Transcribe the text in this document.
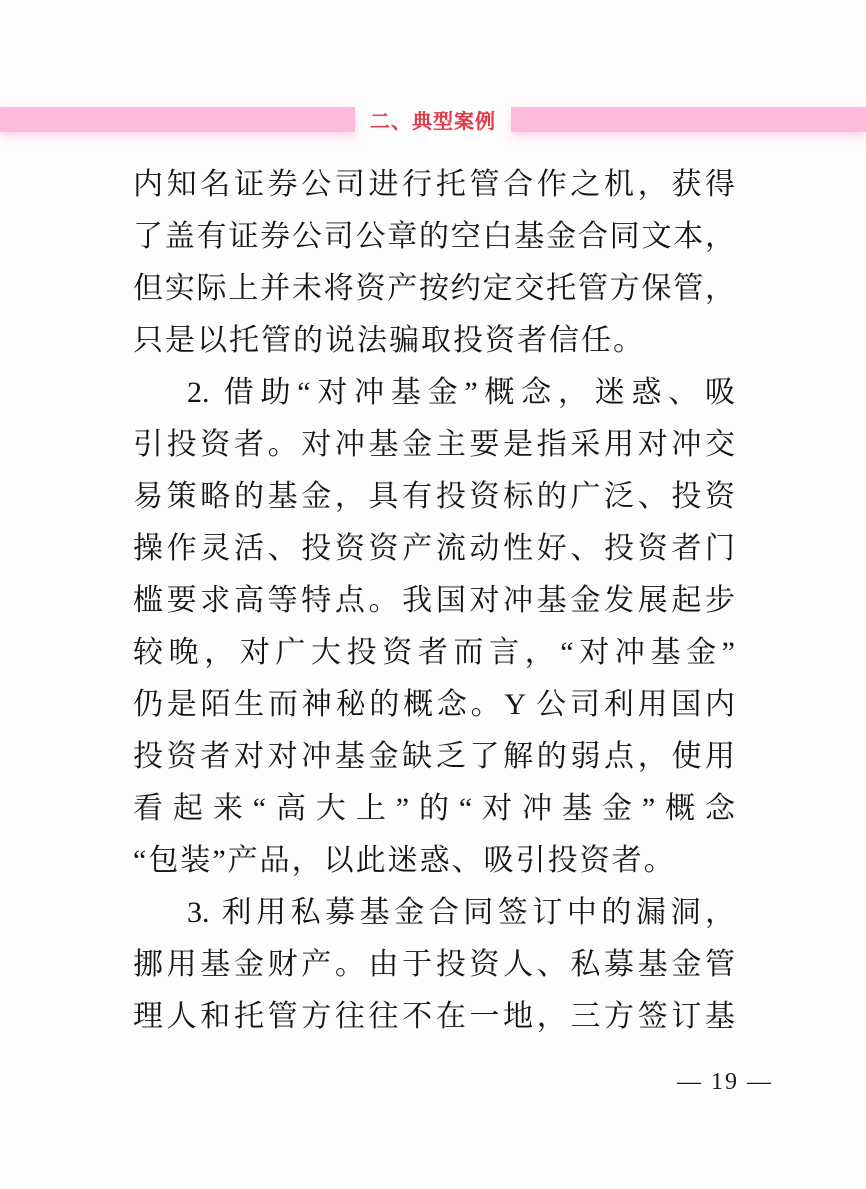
二、典型案例
内知名证券公司进行托管合作之机，获得
了盖有证券公司公章的空白基金合同文本，
但实际上并未将资产按约定交托管方保管，
只是以托管的说法骗取投资者信任。
2. 借助“对冲基金”概念，迷惑、吸
引投资者。对冲基金主要是指采用对冲交
易策略的基金，具有投资标的广泛、投资
操作灵活、投资资产流动性好、投资者门
槛要求高等特点。我国对冲基金发展起步
较晚，对广大投资者而言，“对冲基金”
仍是陌生而神秘的概念。Y 公司利用国内
投资者对对冲基金缺乏了解的弱点，使用
看起来“高大上”的“对冲基金”概念
“包装”产品，以此迷惑、吸引投资者。
3. 利用私募基金合同签订中的漏洞，
挪用基金财产。由于投资人、私募基金管
理人和托管方往往不在一地，三方签订基
— 19 —
